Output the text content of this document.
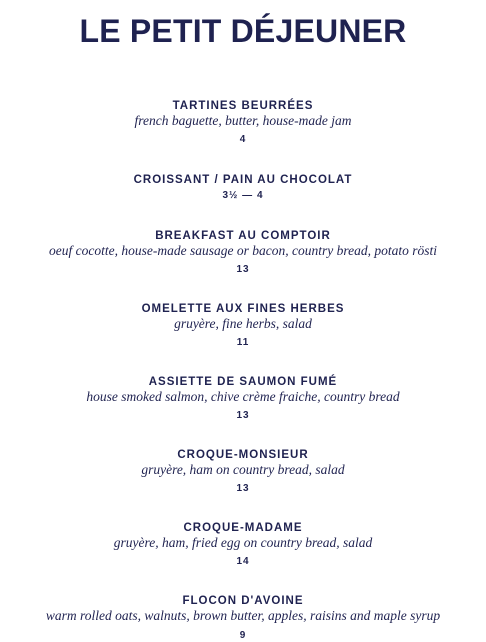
LE PETIT DÉJEUNER
TARTINES BEURRÉES
french baguette, butter, house-made jam
4
CROISSANT / PAIN AU CHOCOLAT
3½ — 4
BREAKFAST AU COMPTOIR
oeuf cocotte, house-made sausage or bacon, country bread, potato rösti
13
OMELETTE AUX FINES HERBES
gruyère, fine herbs, salad
11
ASSIETTE DE SAUMON FUMÉ
house smoked salmon, chive crème fraiche, country bread
13
CROQUE-MONSIEUR
gruyère, ham on country bread, salad
13
CROQUE-MADAME
gruyère, ham, fried egg on country bread, salad
14
FLOCON D'AVOINE
warm rolled oats, walnuts, brown butter, apples, raisins and maple syrup
9
